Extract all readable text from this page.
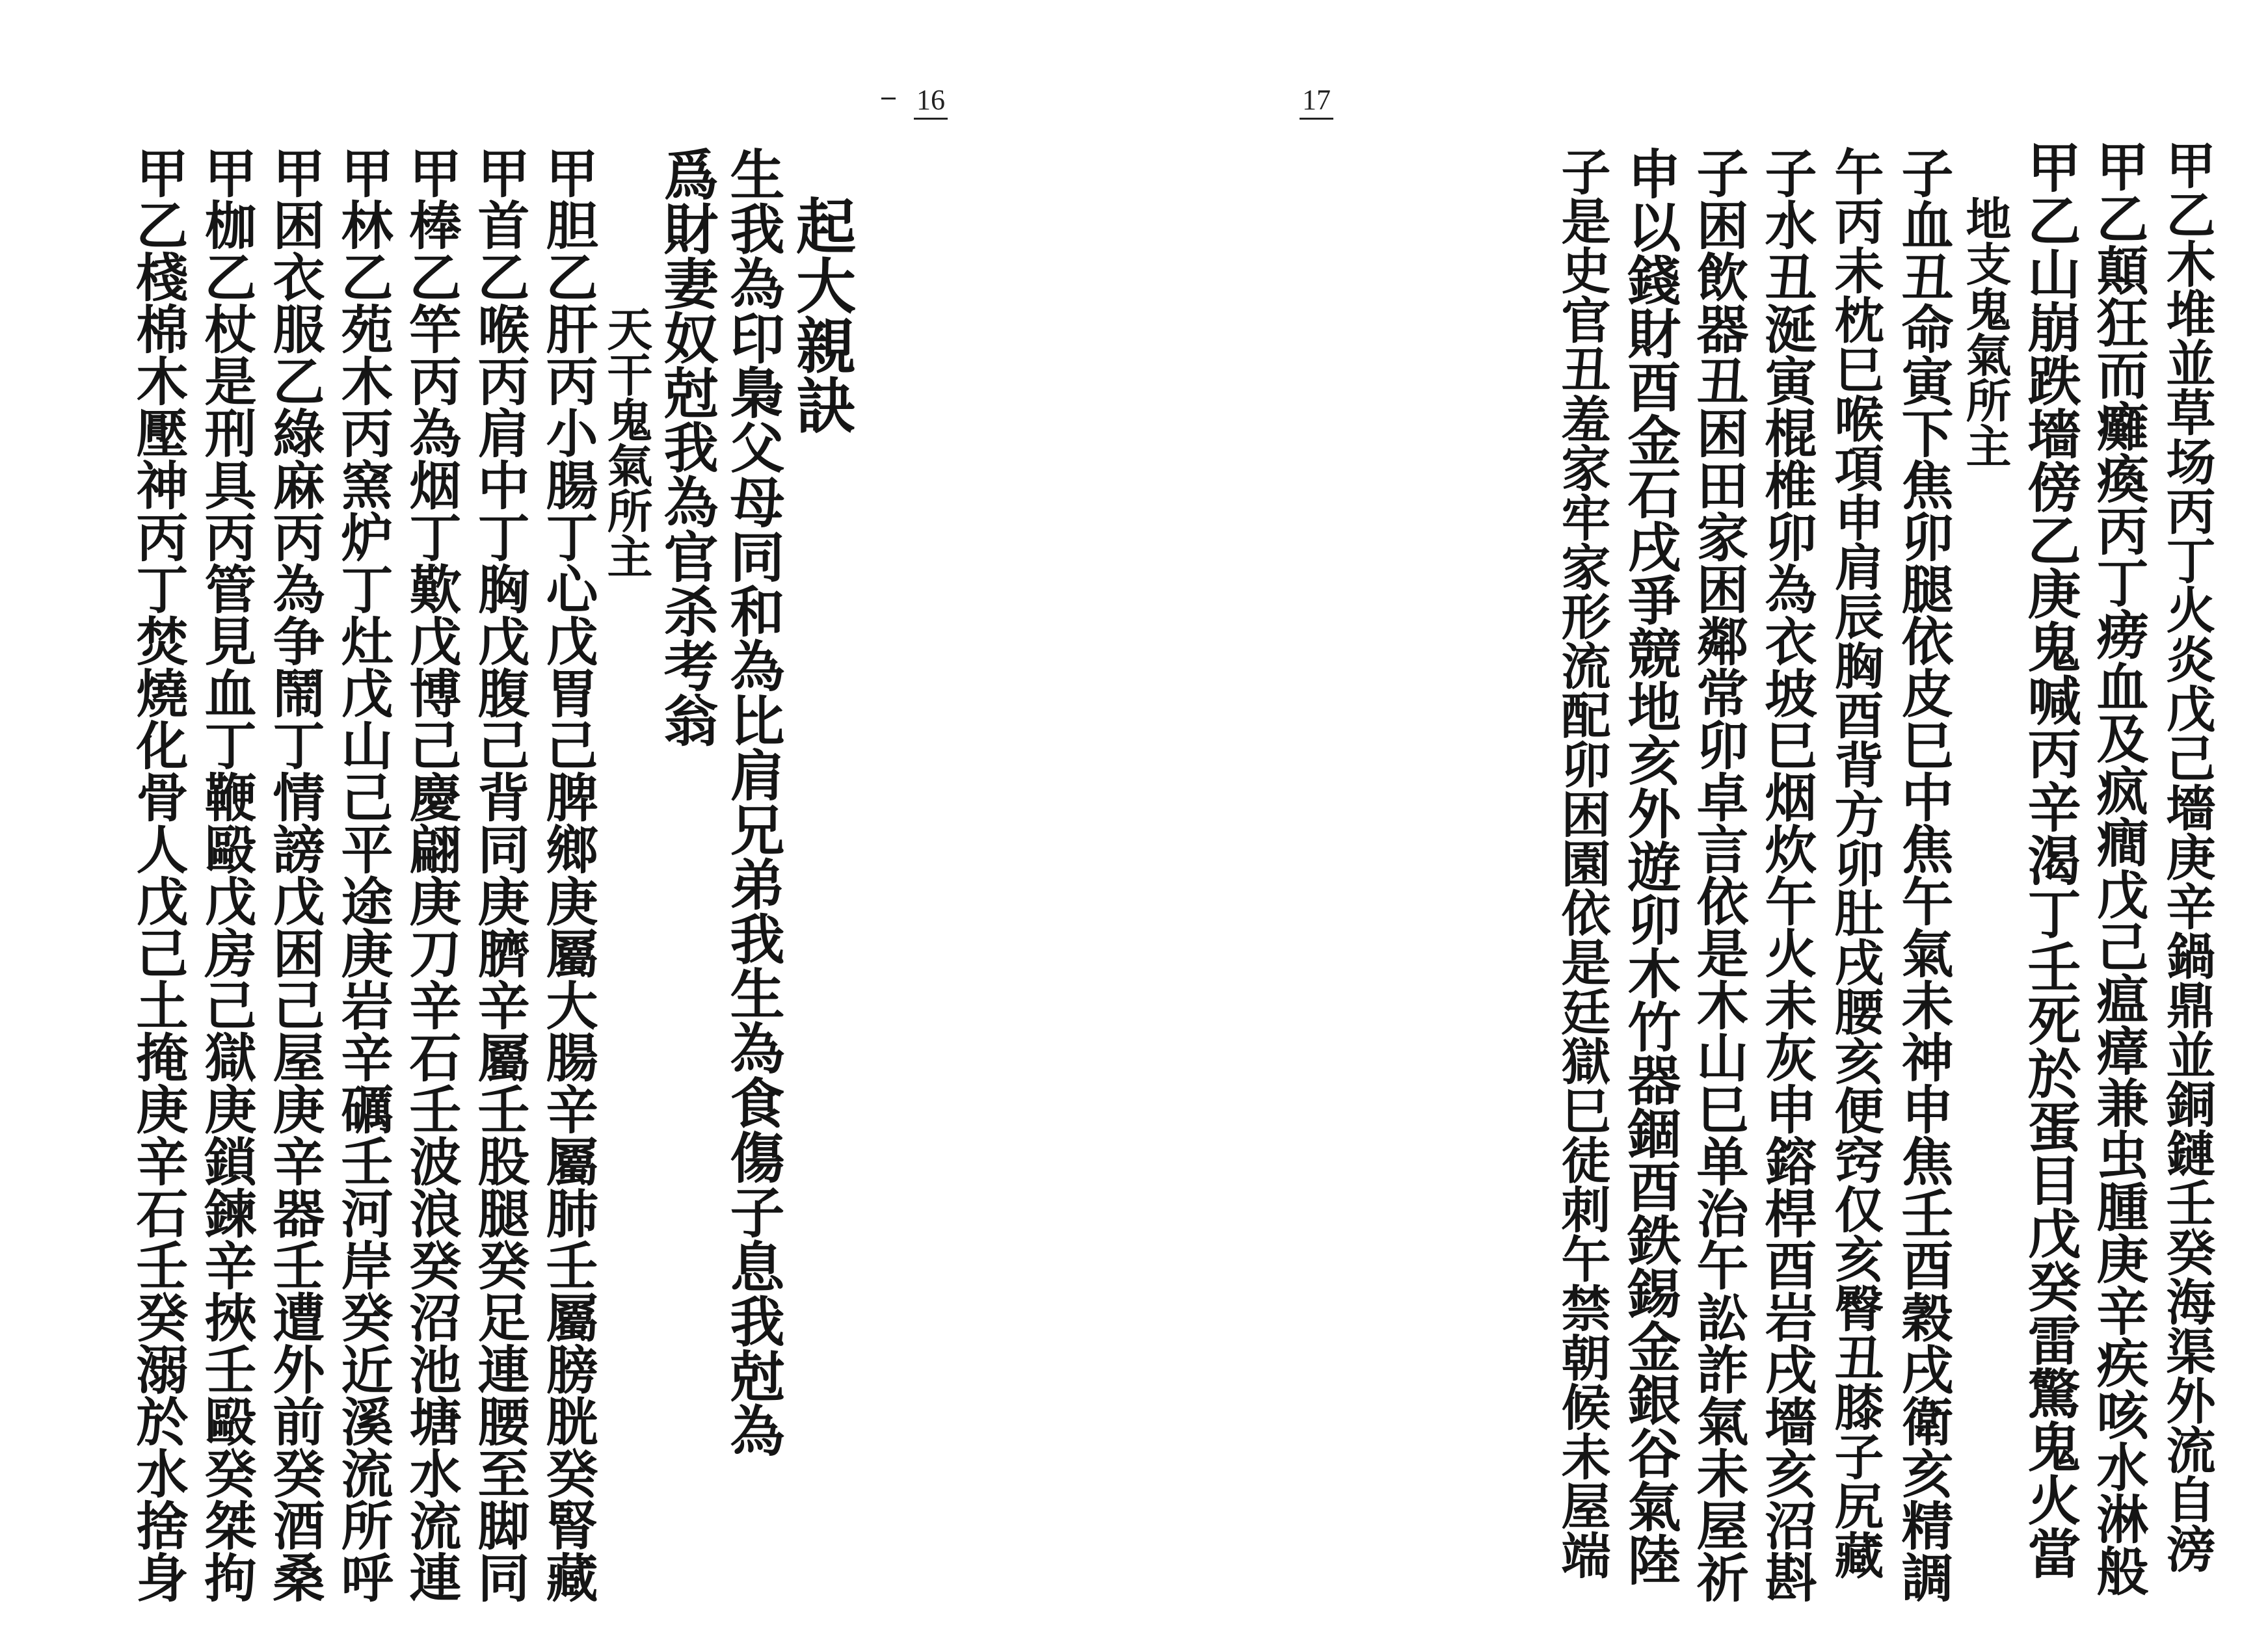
16
起大親訣
生我為印梟父母同和為比肩兄弟我生為食傷子息我尅為
爲財妻奴尅我為官杀考翁
天干鬼氣所主
甲胆乙肝丙小腸丁心戊胃己脾鄉庚屬大腸辛屬肺壬屬膀胱癸腎藏
甲首乙喉丙肩中丁胸戊腹己背同庚臍辛屬壬股腿癸足連腰至脚同
甲棒乙竿丙為烟丁歎戊博己慶翩庚刀辛石壬波浪癸沼池塘水流連
甲林乙苑木丙窯炉丁灶戊山己平途庚岩辛礪壬河岸癸近溪流所呼
甲困衣服乙綠麻丙為争鬧丁情謗戊困己屋庚辛器壬遭外前癸酒桑
甲枷乙杖是刑具丙管見血丁鞭毆戊房己獄庚鎖鍊辛挾壬毆癸桀拘
甲乙棧棉木壓神丙丁焚燒化骨人戊己土掩庚辛石壬癸溺於水捨身
17
甲乙木堆並草场丙丁火炎戊己墻庚辛鍋鼎並銅鏈壬癸海渠外流自滂
甲乙顛狂而癱瘓丙丁痨血及疯癎戊己瘟瘴兼虫腫庚辛疾咳水淋般
甲乙山崩跌墻傍乙庚鬼喊丙辛渴丁壬死於蛋目戊癸雷驚鬼火當
地支鬼氣所主
子血丑命寅下焦卯腿依皮巳中焦午氣未神申焦壬酉穀戌衛亥精調
午丙未枕巳喉項申肩辰胸酉背方卯肚戌腰亥便窍仅亥臀丑膝子尻藏
子水丑涎寅棍椎卯為衣坡巳烟炊午火未灰申鎔桿酉岩戌墻亥沼斟
子困飲器丑困田家困鄰常卯卓言依是木山巳单治午訟詐氣未屋祈
申以錢財酉金石戌爭競地亥外遊卯木竹器錮酉鉄錫金銀谷氣陸
子是史官丑羞家牢家形流配卯困園依是廷獄巳徒刺午禁朝候未屋端
